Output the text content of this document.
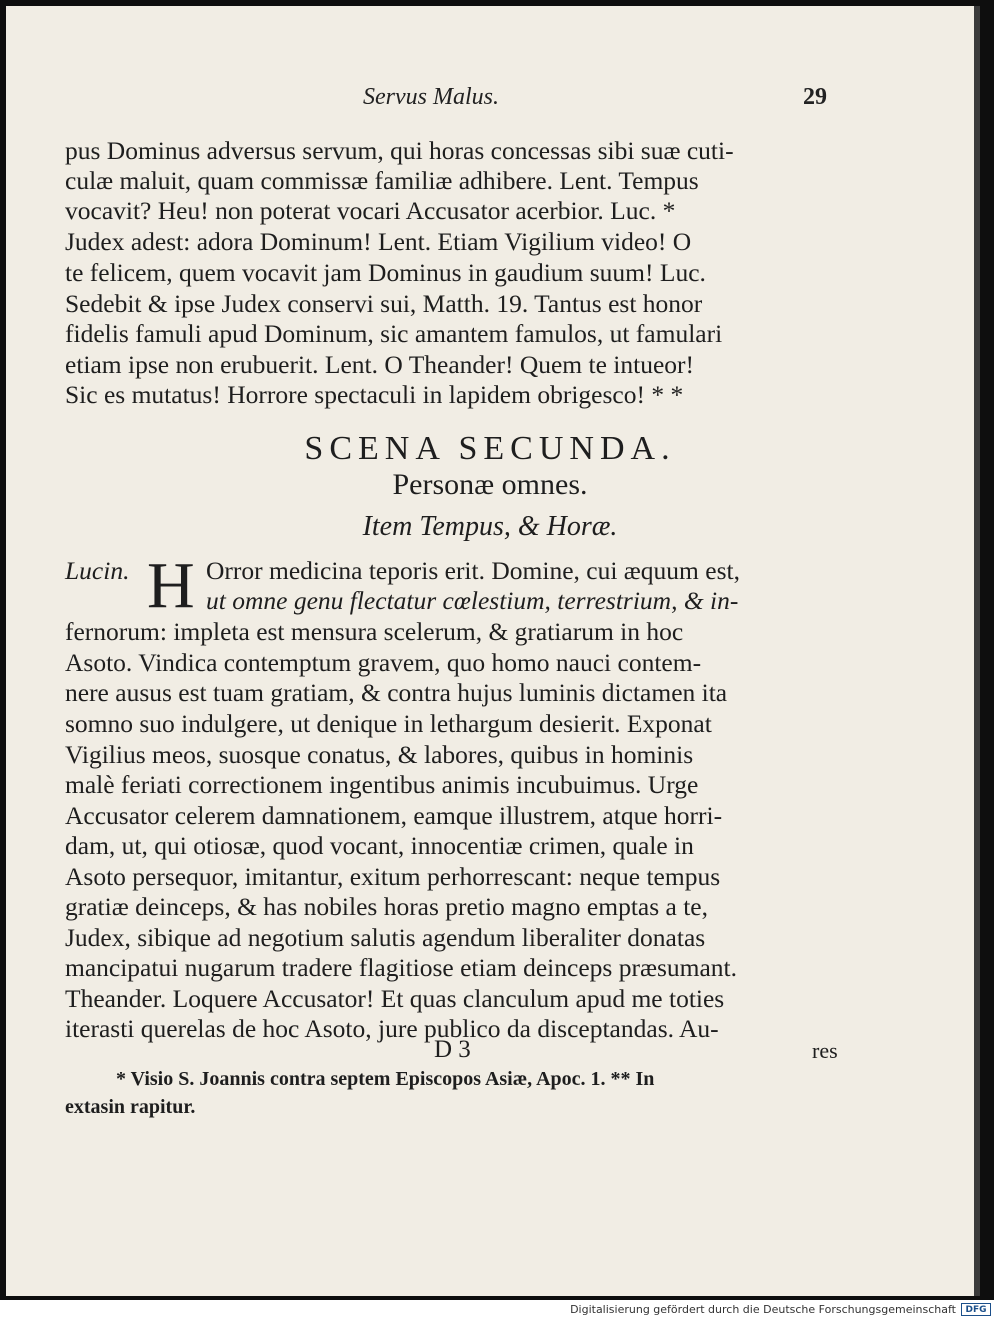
Servus Malus.	29
pus Dominus adversus servum, qui horas concessas sibi suæ cuti-
culæ maluit, quam commissæ familiæ adhibere. Lent. Tempus
vocavit? Heu! non poterat vocari Accusator acerbior. Luc. *
Judex adest: adora Dominum! Lent. Etiam Vigilium video! O
te felicem, quem vocavit jam Dominus in gaudium suum! Luc.
Sedebit & ipse Judex conservi sui, Matth. 19. Tantus est honor
fidelis famuli apud Dominum, sic amantem famulos, ut famulari
etiam ipse non erubuerit. Lent. O Theander! Quem te intueor!
Sic es mutatus! Horrore spectaculi in lapidem obrigesco! * *
SCENA SECUNDA.
Personæ omnes.
Item Tempus, & Horæ.
Lucin. H Orror medicina teporis erit. Domine, cui æquum est,
ut omne genu flectatur cœlestium, terrestrium, & in-
fernorum: impleta est mensura scelerum, & gratiarum in hoc
Asoto. Vindica contemptum gravem, quo homo nauci contem-
nere ausus est tuam gratiam, & contra hujus luminis dictamen ita
somno suo indulgere, ut denique in lethargum desierit. Exponat
Vigilius meos, suosque conatus, & labores, quibus in hominis
malè feriati correctionem ingentibus animis incubuimus. Urge
Accusator celerem damnationem, eamque illustrem, atque horri-
dam, ut, qui otiosæ, quod vocant, innocentiæ crimen, quale in
Asoto persequor, imitantur, exitum perhorrescant: neque tempus
gratiæ deinceps, & has nobiles horas pretio magno emptas a te,
Judex, sibique ad negotium salutis agendum liberaliter donatas
mancipatui nugarum tradere flagitiose etiam deinceps præsumant.
Theander. Loquere Accusator! Et quas clanculum apud me toties
iterasti querelas de hoc Asoto, jure publico da disceptandas. Au-
D 3	res
* Visio S. Joannis contra septem Episcopos Asiæ, Apoc. 1. ** In
extasin rapitur.
Digitalisierung gefördert durch die Deutsche Forschungsgemeinschaft	DFG
